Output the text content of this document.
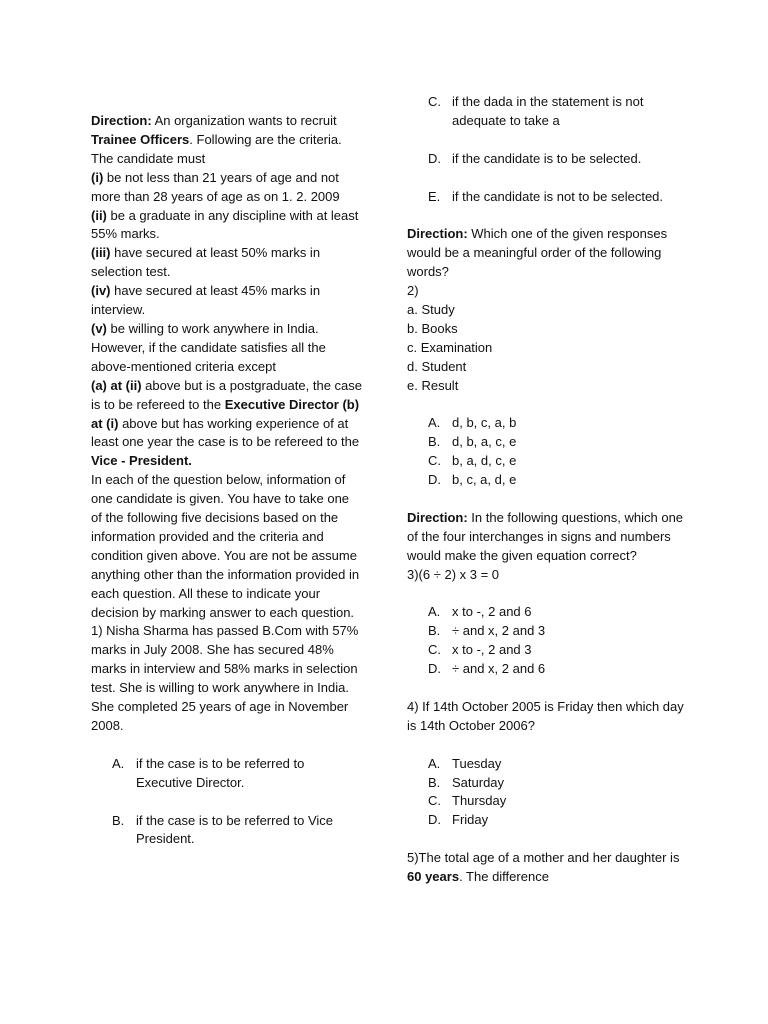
Direction: An organization wants to recruit Trainee Officers. Following are the criteria.

The candidate must

(i) be not less than 21 years of age and not more than 28 years of age as on 1. 2. 2009

(ii) be a graduate in any discipline with at least 55% marks.

(iii) have secured at least 50% marks in selection test.

(iv) have secured at least 45% marks in interview.

(v) be willing to work anywhere in India.

However, if the candidate satisfies all the above-mentioned criteria except

(a) at (ii) above but is a postgraduate, the case is to be refereed to the Executive Director (b) at (i) above but has working experience of at least one year the case is to be refereed to the Vice - President.

In each of the question below, information of one candidate is given. You have to take one of the following five decisions based on the information provided and the criteria and condition given above. You are not be assume anything other than the information provided in each question. All these to indicate your decision by marking answer to each question.

1) Nisha Sharma has passed B.Com with 57% marks in July 2008. She has secured 48% marks in interview and 58% marks in selection test. She is willing to work anywhere in India. She completed 25 years of age in November 2008.

A. if the case is to be referred to Executive Director.
B. if the case is to be referred to Vice President.
C. if the dada in the statement is not adequate to take a
D. if the candidate is to be selected.
E. if the candidate is not to be selected.

Direction: Which one of the given responses would be a meaningful order of the following words?

2)

a. Study

b. Books

c. Examination

d. Student

e. Result

A. d, b, c, a, b
B. d, b, a, c, e
C. b, a, d, c, e
D. b, c, a, d, e

Direction: In the following questions, which one of the four interchanges in signs and numbers would make the given equation correct?

3)(6 ÷ 2) x 3 = 0

A. x to -, 2 and 6
B. ÷ and x, 2 and 3
C. x to -, 2 and 3
D. ÷ and x, 2 and 6

4) If 14th October 2005 is Friday then which day is 14th October 2006?

A. Tuesday
B. Saturday
C. Thursday
D. Friday

5)The total age of a mother and her daughter is 60 years. The difference
